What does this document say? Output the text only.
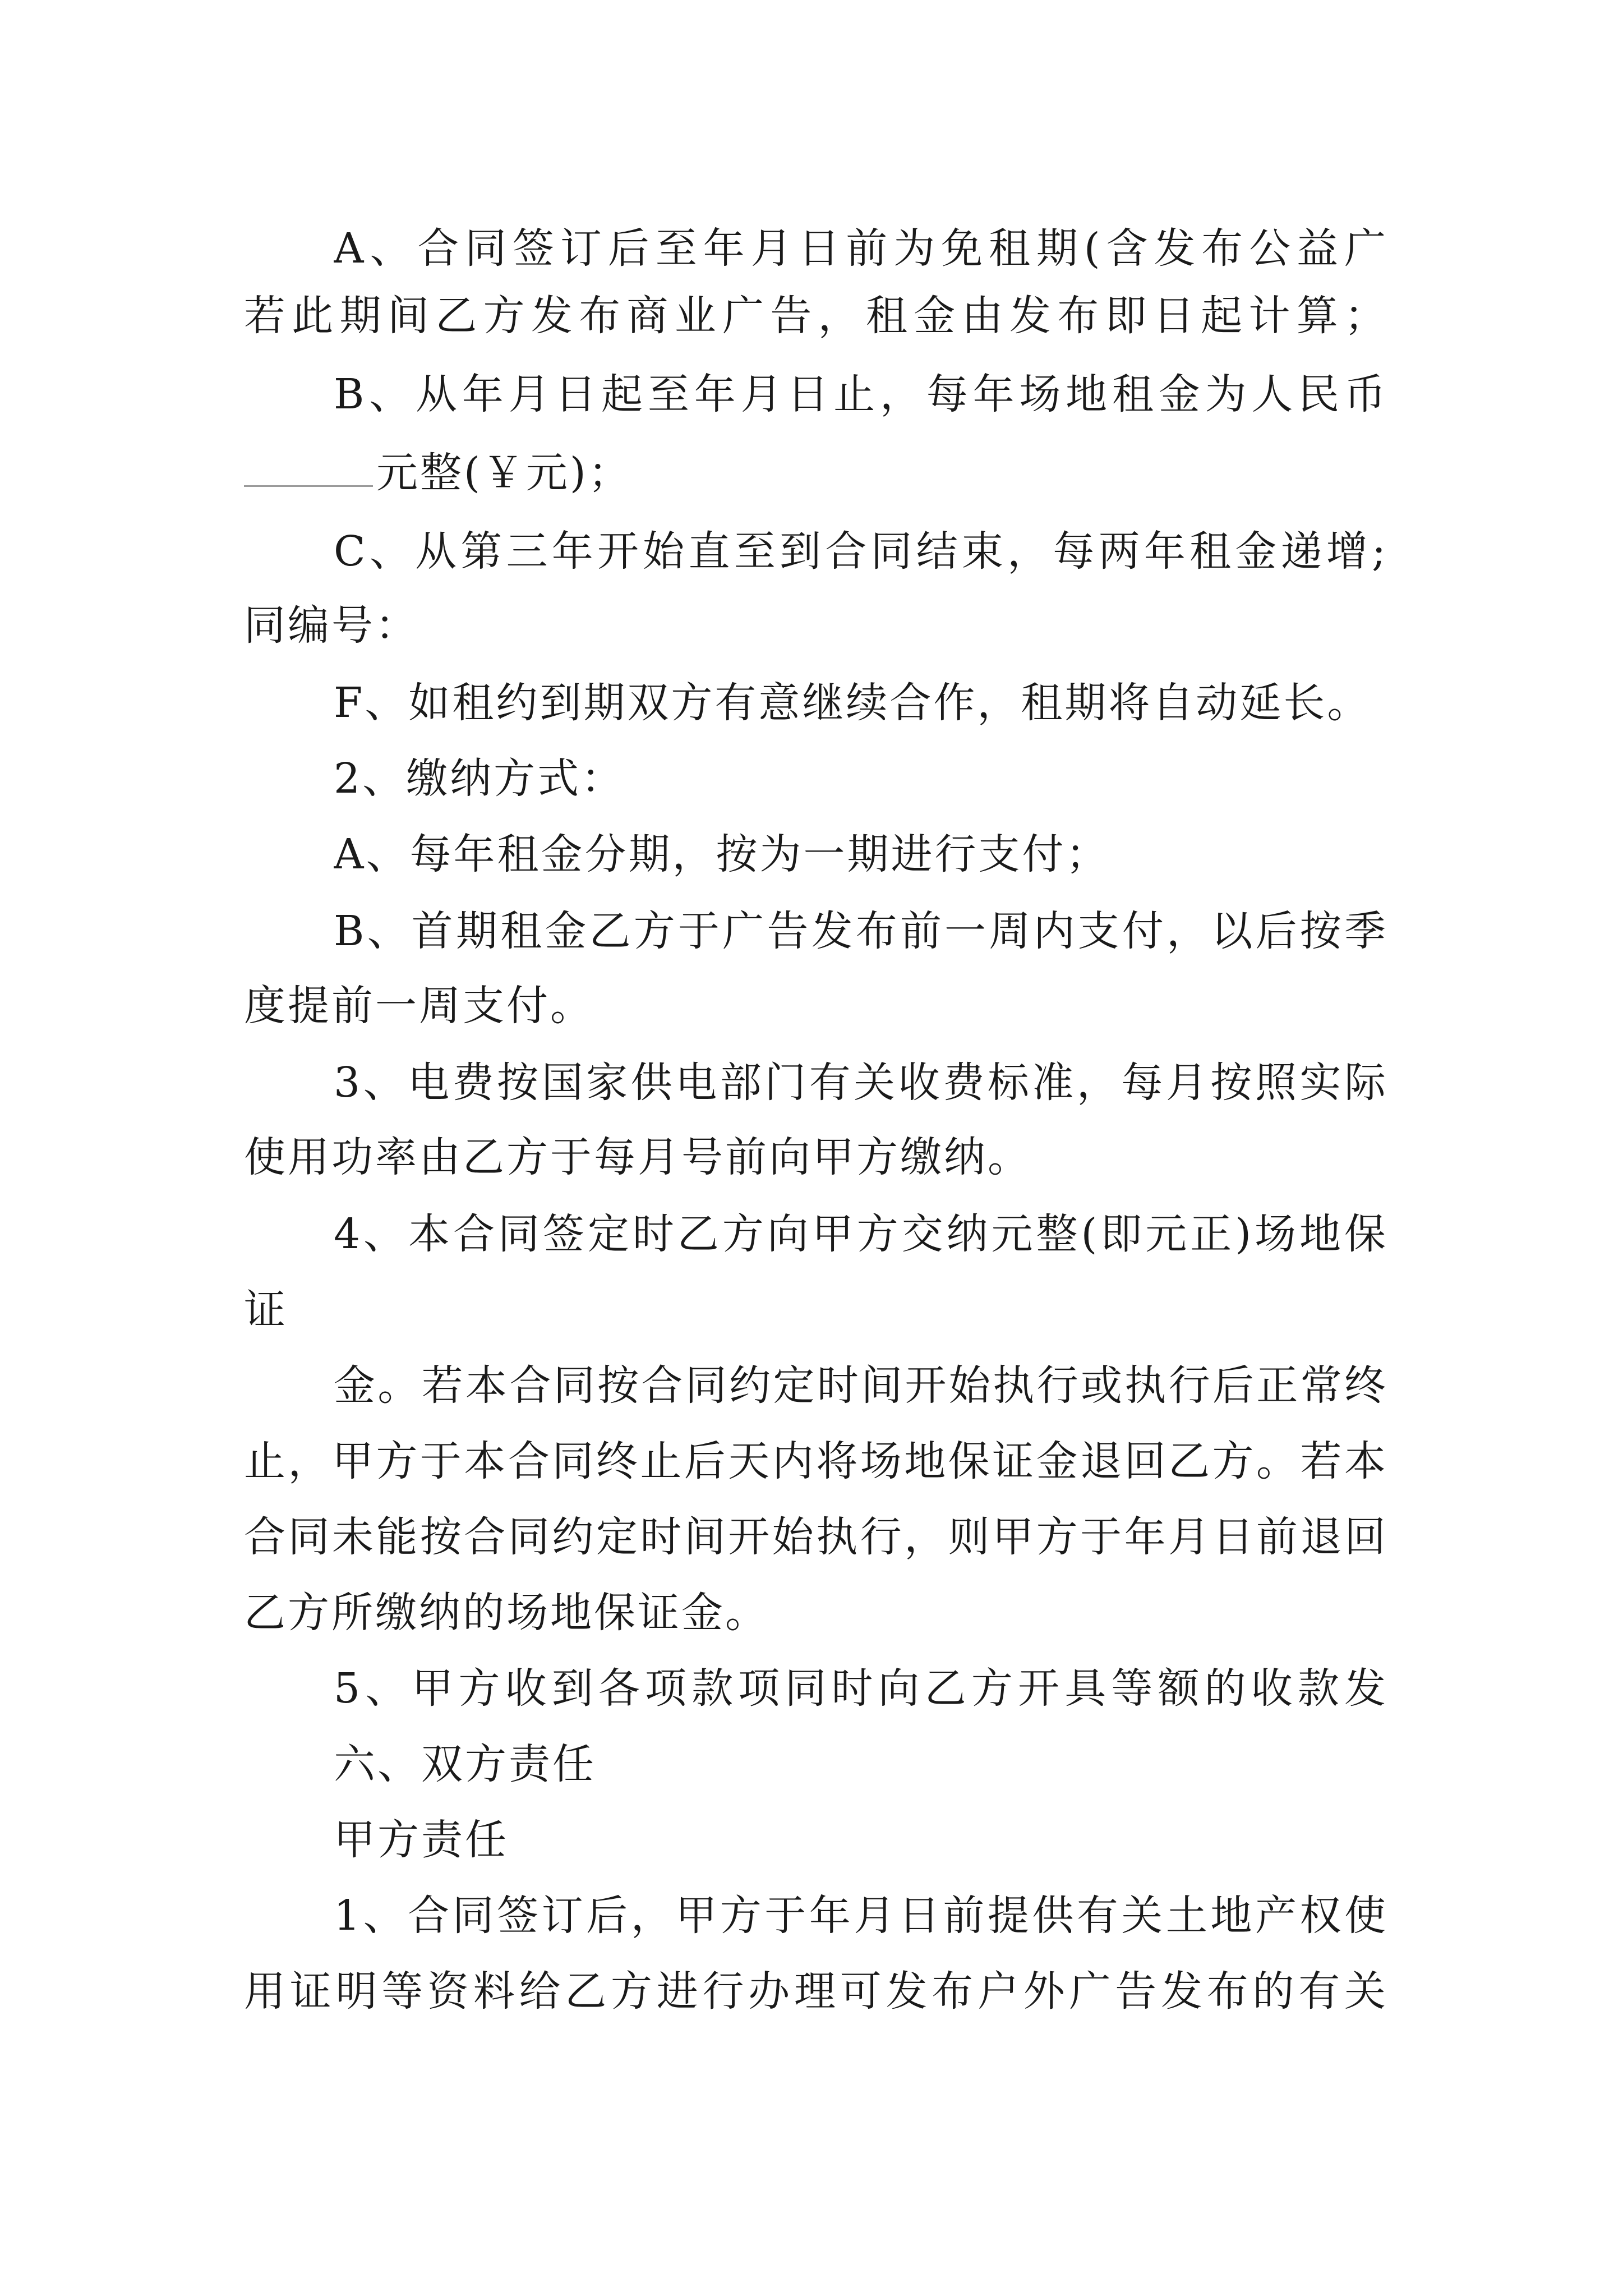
A、合同签订后至年月日前为免租期(含发布公益广

若此期间乙方发布商业广告，租金由发布即日起计算；

B、从年月日起至年月日止，每年场地租金为人民币

元整(￥元)；

C、从第三年开始直至到合同结束，每两年租金递增;

同编号：

F、如租约到期双方有意继续合作，租期将自动延长。

2、缴纳方式：

A、每年租金分期，按为一期进行支付；

B、首期租金乙方于广告发布前一周内支付，以后按季

度提前一周支付。

3、电费按国家供电部门有关收费标准，每月按照实际

使用功率由乙方于每月号前向甲方缴纳。

4、本合同签定时乙方向甲方交纳元整(即元正)场地保

证

金。若本合同按合同约定时间开始执行或执行后正常终

止，甲方于本合同终止后天内将场地保证金退回乙方。若本

合同未能按合同约定时间开始执行，则甲方于年月日前退回

乙方所缴纳的场地保证金。

5、甲方收到各项款项同时向乙方开具等额的收款发

六、双方责任

甲方责任

1、合同签订后，甲方于年月日前提供有关土地产权使

用证明等资料给乙方进行办理可发布户外广告发布的有关
